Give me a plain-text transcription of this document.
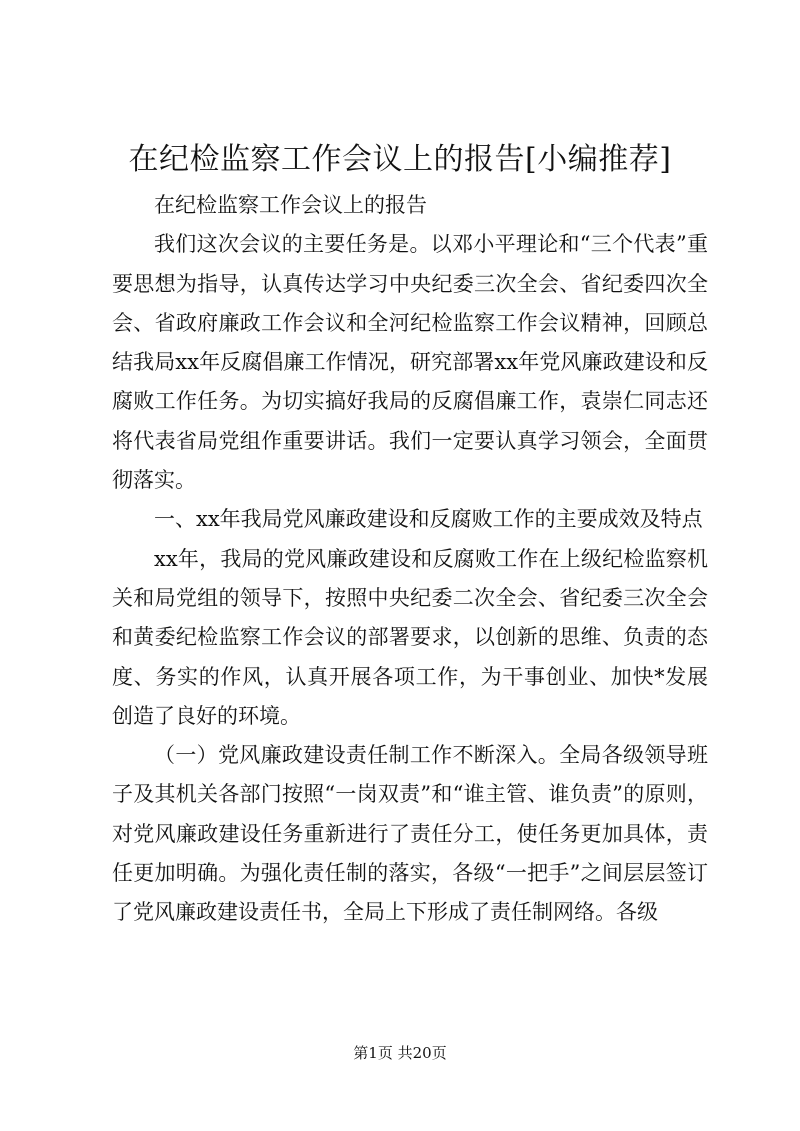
在纪检监察工作会议上的报告[小编推荐]

在纪检监察工作会议上的报告

我们这次会议的主要任务是。以邓小平理论和“三个代表”重要思想为指导，认真传达学习中央纪委三次全会、省纪委四次全会、省政府廉政工作会议和全河纪检监察工作会议精神，回顾总结我局xx年反腐倡廉工作情况，研究部署xx年党风廉政建设和反腐败工作任务。为切实搞好我局的反腐倡廉工作，袁崇仁同志还将代表省局党组作重要讲话。我们一定要认真学习领会，全面贯彻落实。

一、xx年我局党风廉政建设和反腐败工作的主要成效及特点

xx年，我局的党风廉政建设和反腐败工作在上级纪检监察机关和局党组的领导下，按照中央纪委二次全会、省纪委三次全会和黄委纪检监察工作会议的部署要求，以创新的思维、负责的态度、务实的作风，认真开展各项工作，为干事创业、加快*发展创造了良好的环境。

（一）党风廉政建设责任制工作不断深入。全局各级领导班子及其机关各部门按照“一岗双责”和“谁主管、谁负责”的原则，对党风廉政建设任务重新进行了责任分工，使任务更加具体，责任更加明确。为强化责任制的落实，各级“一把手”之间层层签订了党风廉政建设责任书，全局上下形成了责任制网络。各级

第1页 共20页
